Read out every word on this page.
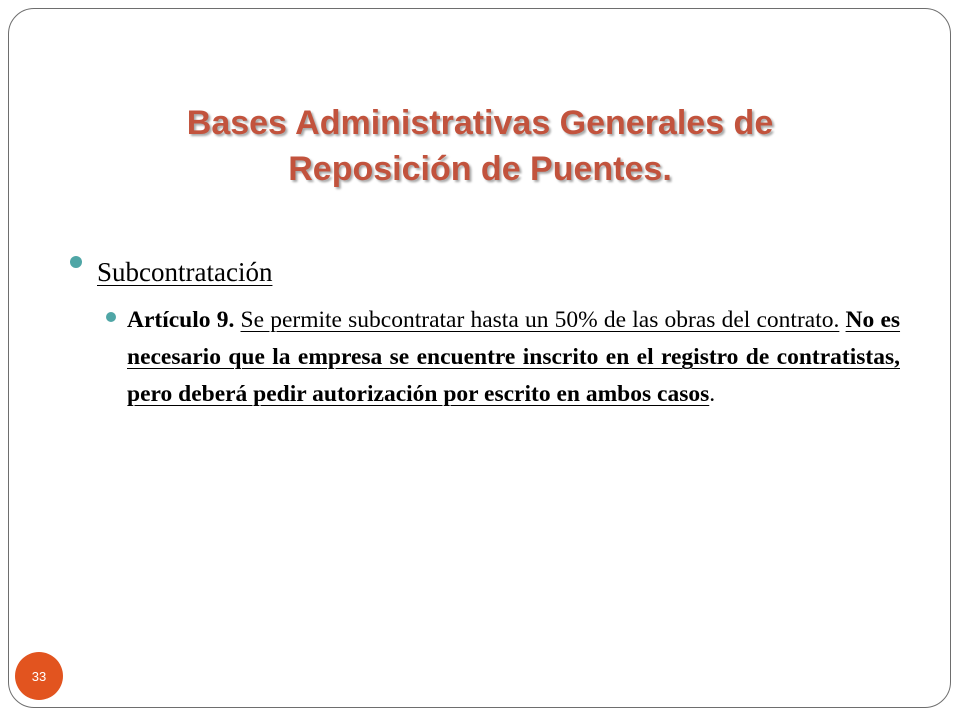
Bases Administrativas Generales de
Reposición de Puentes.
Subcontratación
Artículo 9. Se permite subcontratar hasta un 50% de las obras del contrato. No es necesario que la empresa se encuentre inscrito en el registro de contratistas, pero deberá pedir autorización por escrito en ambos casos.
33
